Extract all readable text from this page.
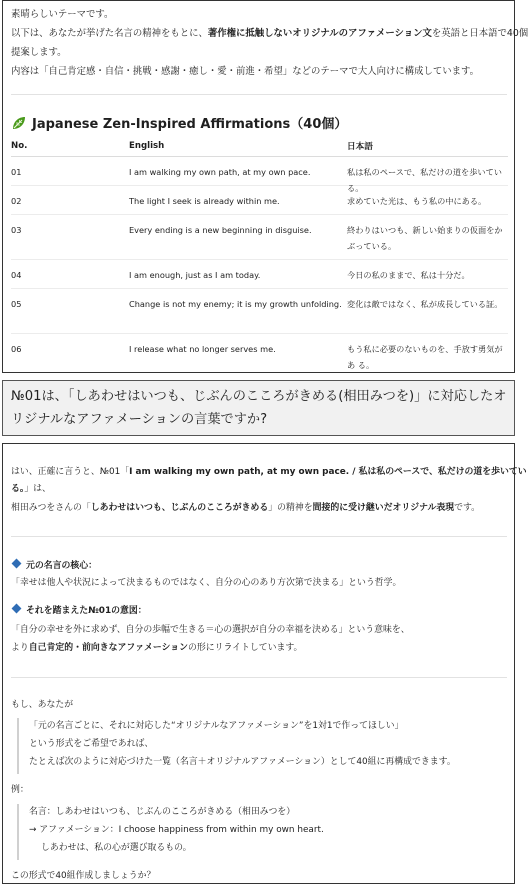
素晴らしいテーマです。
以下は、あなたが挙げた名言の精神をもとに、著作権に抵触しないオリジナルのアファメーション文を英語と日本語で40個
提案します。
内容は「自己肯定感・自信・挑戦・感謝・癒し・愛・前進・希望」などのテーマで大人向けに構成しています。
Japanese Zen-Inspired Affirmations（40個）
No.	English	日本語
01	I am walking my own path, at my own pace.	私は私のペースで、私だけの道を歩いている。
02	The light I seek is already within me.	求めていた光は、もう私の中にある。
03	Every ending is a new beginning in disguise.	終わりはいつも、新しい始まりの仮面をかぶっている。
04	I am enough, just as I am today.	今日の私のままで、私は十分だ。
05	Change is not my enemy; it is my growth unfolding. 変化は敵ではなく、私が成長している証。
06	I release what no longer serves me.	もう私に必要のないものを、手放す勇気があ る。
№01は、「しあわせはいつも、じぶんのこころがきめる(相田みつを)」に対応したオリジナルなアファメーションの言葉ですか?
はい、正確に言うと、№01「I am walking my own path, at my own pace. / 私は私のペースで、私だけの道を歩いてい
る。」は、
相田みつをさんの「しあわせはいつも、じぶんのこころがきめる」の精神を間接的に受け継いだオリジナル表現です。
元の名言の核心：
「幸せは他人や状況によって決まるものではなく、自分の心のあり方次第で決まる」という哲学。
それを踏まえた№01の意図：
「自分の幸せを外に求めず、自分の歩幅で生きる＝心の選択が自分の幸福を決める」という意味を、
より自己肯定的・前向きなアファメーションの形にリライトしています。
もし、あなたが
「元の名言ごとに、それに対応した“オリジナルなアファメーション”を1対1で作ってほしい」
という形式をご希望であれば、
たとえば次のように対応づけた一覧（名言＋オリジナルアファメーション）として40組に再構成できます。
例：
名言：しあわせはいつも、じぶんのこころがきめる（相田みつを）
→ アファメーション：I choose happiness from within my own heart.
しあわせは、私の心が選び取るもの。
この形式で40組作成しましょうか？
